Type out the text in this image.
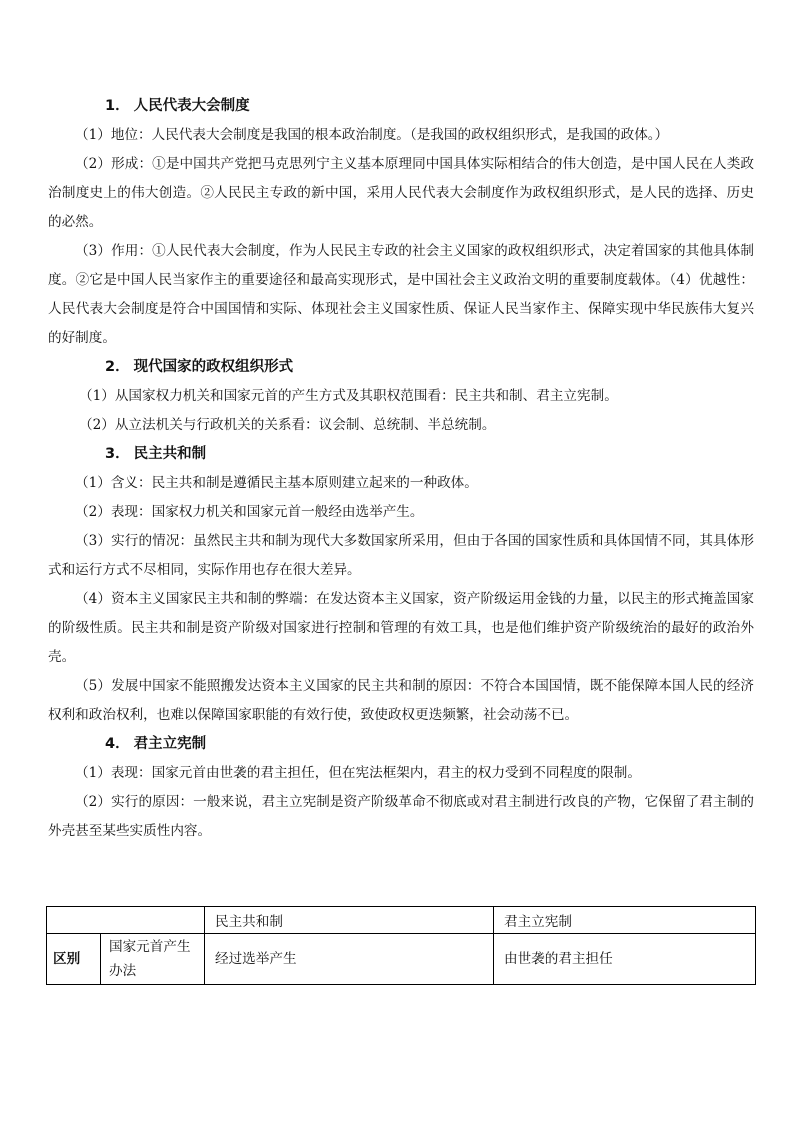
1． 人民代表大会制度

（1）地位：人民代表大会制度是我国的根本政治制度。（是我国的政权组织形式，是我国的政体。）

（2）形成：①是中国共产党把马克思列宁主义基本原理同中国具体实际相结合的伟大创造，是中国人民在人类政治制度史上的伟大创造。②人民民主专政的新中国，采用人民代表大会制度作为政权组织形式，是人民的选择、历史的必然。

（3）作用：①人民代表大会制度，作为人民民主专政的社会主义国家的政权组织形式，决定着国家的其他具体制度。②它是中国人民当家作主的重要途径和最高实现形式，是中国社会主义政治文明的重要制度载体。（4）优越性：人民代表大会制度是符合中国国情和实际、体现社会主义国家性质、保证人民当家作主、保障实现中华民族伟大复兴的好制度。

2． 现代国家的政权组织形式

（1）从国家权力机关和国家元首的产生方式及其职权范围看：民主共和制、君主立宪制。

（2）从立法机关与行政机关的关系看：议会制、总统制、半总统制。

3． 民主共和制

（1）含义：民主共和制是遵循民主基本原则建立起来的一种政体。

（2）表现：国家权力机关和国家元首一般经由选举产生。

（3）实行的情况：虽然民主共和制为现代大多数国家所采用，但由于各国的国家性质和具体国情不同，其具体形式和运行方式不尽相同，实际作用也存在很大差异。

（4）资本主义国家民主共和制的弊端：在发达资本主义国家，资产阶级运用金钱的力量，以民主的形式掩盖国家的阶级性质。民主共和制是资产阶级对国家进行控制和管理的有效工具，也是他们维护资产阶级统治的最好的政治外壳。

（5）发展中国家不能照搬发达资本主义国家的民主共和制的原因：不符合本国国情，既不能保障本国人民的经济权利和政治权利，也难以保障国家职能的有效行使，致使政权更迭频繁，社会动荡不已。

4． 君主立宪制

（1）表现：国家元首由世袭的君主担任，但在宪法框架内，君主的权力受到不同程度的限制。

（2）实行的原因：一般来说，君主立宪制是资产阶级革命不彻底或对君主制进行改良的产物，它保留了君主制的外壳甚至某些实质性内容。

		民主共和制	君主立宪制
区别	国家元首产生办法	经过选举产生	由世袭的君主担任
